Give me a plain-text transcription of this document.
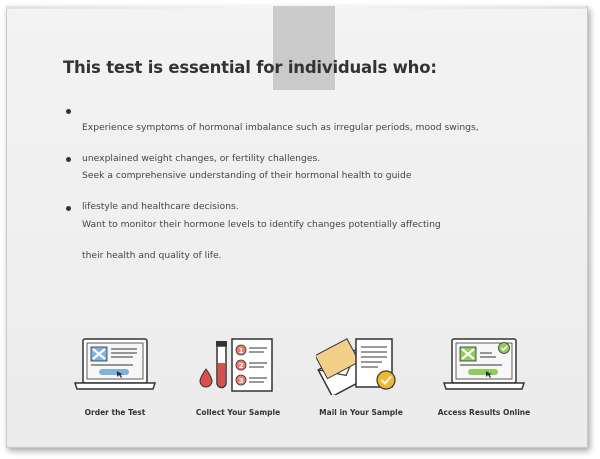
This test is essential for individuals who:

Experience symptoms of hormonal imbalance such as irregular periods, mood swings,

unexplained weight changes, or fertility challenges.

Seek a comprehensive understanding of their hormonal health to guide

lifestyle and healthcare decisions.

Want to monitor their hormone levels to identify changes potentially affecting

their health and quality of life.

Order the Test
1
2
3
Collect Your Sample	Mail in Your Sample	Access Results Online
